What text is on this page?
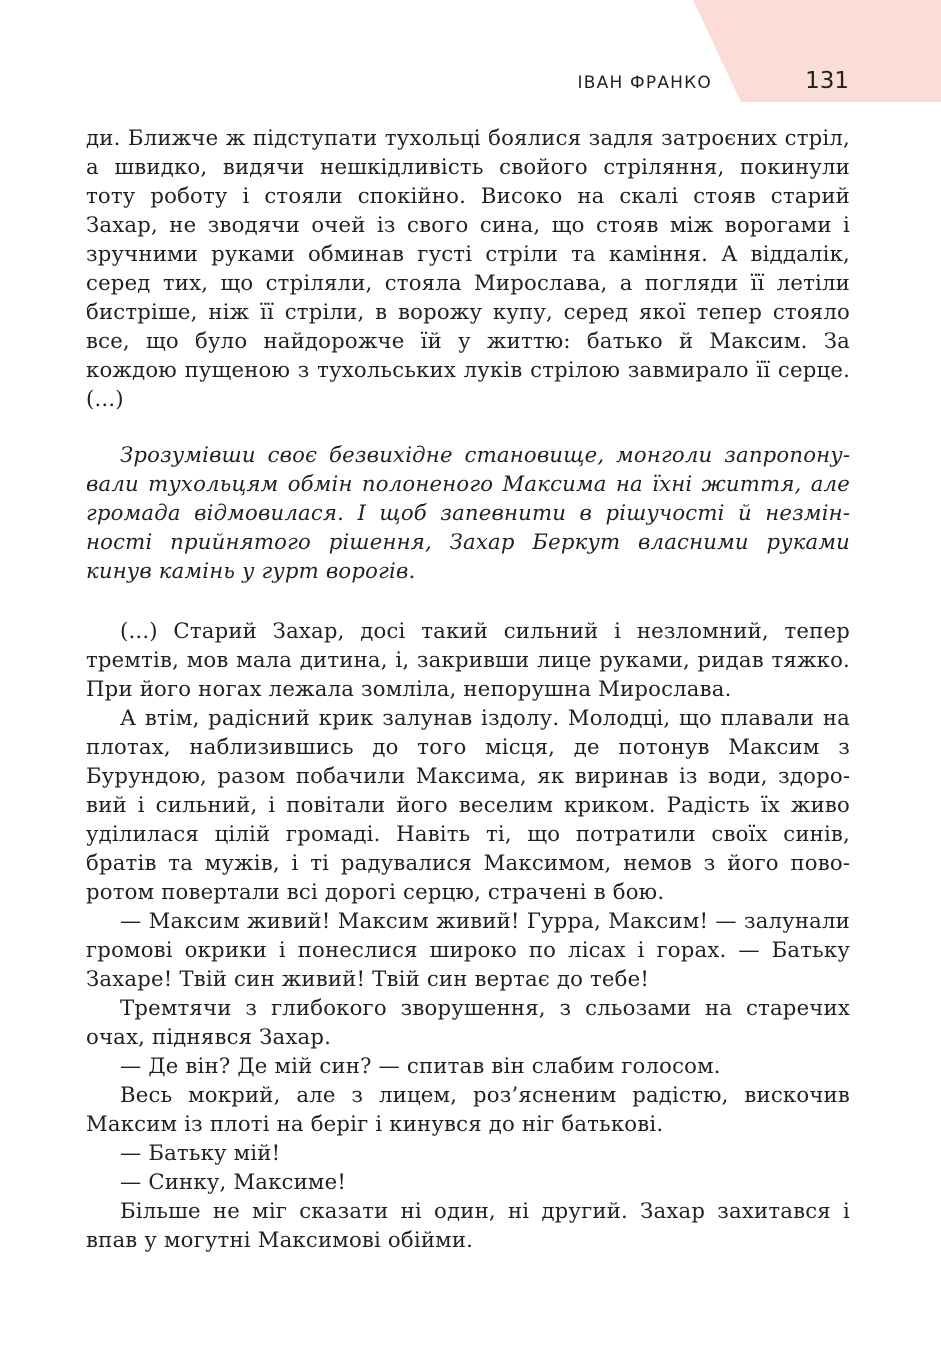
ІВАН ФРАНКО	131

ди. Ближче ж підступати тухольці боялися задля затроєних стріл, а швидко, видячи нешкідливість свойого стріляння, покинули тоту роботу і стояли спокійно. Високо на скалі стояв старий Захар, не зводячи очей із свого сина, що стояв між ворогами і зручними руками обминав густі стріли та каміння. А віддалік, серед тих, що стріляли, стояла Мирослава, а погляди її летіли бистріше, ніж її стріли, в ворожу купу, серед якої тепер стояло все, що було найдорожче їй у життю: батько й Максим. За кождою пущеною з тухольських луків стрілою завмирало її серце.(...)

Зрозумівши своє безвихідне становище, монголи запропонували тухольцям обмін полоненого Максима на їхні життя, але громада відмовилася. І щоб запевнити в рішучості й незмінності прийнятого рішення, Захар Беркут власними руками кинув камінь у гурт ворогів.

(...) Старий Захар, досі такий сильний і незломний, тепер тремтів, мов мала дитина, і, закривши лице руками, ридав тяжко. При його ногах лежала зомліла, непорушна Мирослава.

А втім, радісний крик залунав іздолу. Молодці, що плавали на плотах, наблизившись до того місця, де потонув Максим з Бурундою, разом побачили Максима, як виринав із води, здоровий і сильний, і повітали його веселим криком. Радість їх живо уділилася цілій громаді. Навіть ті, що потратили своїх синів, братів та мужів, і ті радувалися Максимом, немов з його поворотом повертали всі дорогі серцю, страчені в бою.

— Максим живий! Максим живий! Гурра, Максим! — залунали громові окрики і понеслися широко по лісах і горах. — Батьку Захаре! Твій син живий! Твій син вертає до тебе!

Тремтячи з глибокого зворушення, з сльозами на старечих очах, піднявся Захар.

— Де він? Де мій син? — спитав він слабим голосом.

Весь мокрий, але з лицем, роз’ясненим радістю, вискочив Максим із плоті на беріг і кинувся до ніг батькові.

— Батьку мій!

— Синку, Максиме!

Більше не міг сказати ні один, ні другий. Захар захитався і впав у могутні Максимові обійми.
